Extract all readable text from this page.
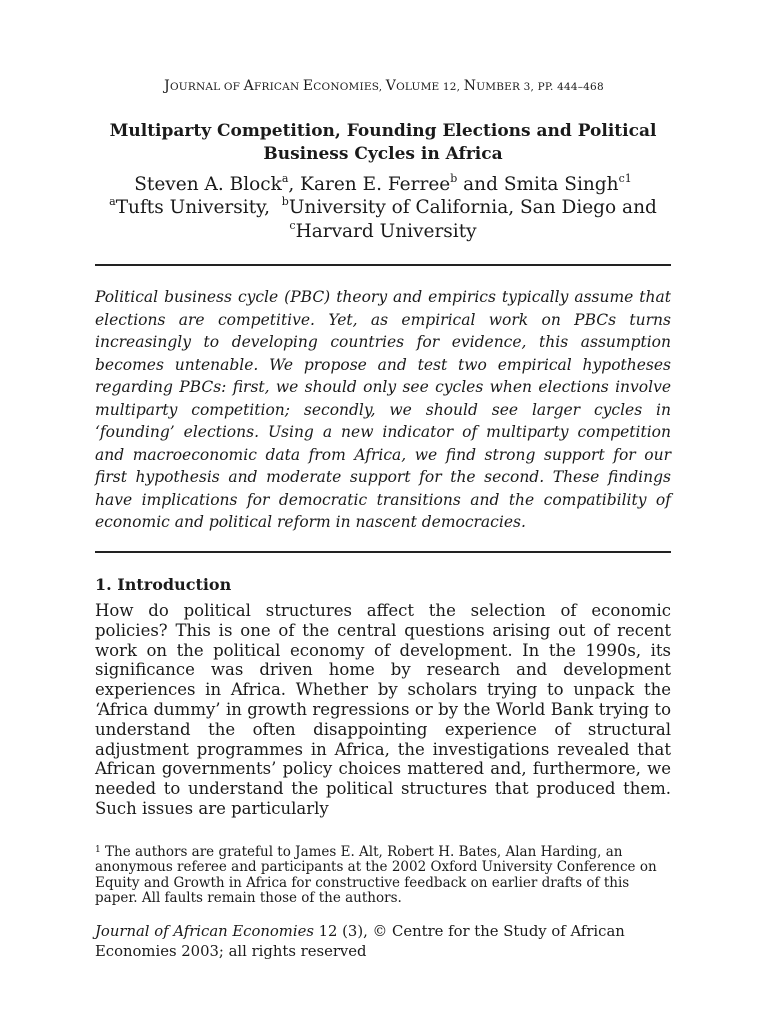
JOURNAL OF AFRICAN ECONOMIES, VOLUME 12, NUMBER 3, PP. 444–468
Multiparty Competition, Founding Elections and Political Business Cycles in Africa
Steven A. Block$^a$, Karen E. Ferree$^b$ and Smita Singh$^{c1}$
$^a$Tufts University,  $^b$University of California, San Diego and
$^c$Harvard University
Political business cycle (PBC) theory and empirics typically assume that elections are competitive. Yet, as empirical work on PBCs turns increasingly to developing countries for evidence, this assumption becomes untenable. We propose and test two empirical hypotheses regarding PBCs: first, we should only see cycles when elections involve multiparty competition; secondly, we should see larger cycles in ‘founding’ elections. Using a new indicator of multiparty competition and macroeconomic data from Africa, we find strong support for our first hypothesis and moderate support for the second. These findings have implications for democratic transitions and the compatibility of economic and political reform in nascent democracies.
1. Introduction
How do political structures affect the selection of economic policies? This is one of the central questions arising out of recent work on the political economy of development. In the 1990s, its significance was driven home by research and development experiences in Africa. Whether by scholars trying to unpack the ‘Africa dummy’ in growth regressions or by the World Bank trying to understand the often disappointing experience of structural adjustment programmes in Africa, the investigations revealed that African governments’ policy choices mattered and, furthermore, we needed to understand the political structures that produced them. Such issues are particularly
$^1$ The authors are grateful to James E. Alt, Robert H. Bates, Alan Harding, an anonymous referee and participants at the 2002 Oxford University Conference on Equity and Growth in Africa for constructive feedback on earlier drafts of this paper. All faults remain those of the authors.
Journal of African Economies 12 (3), © Centre for the Study of African Economies 2003; all rights reserved
